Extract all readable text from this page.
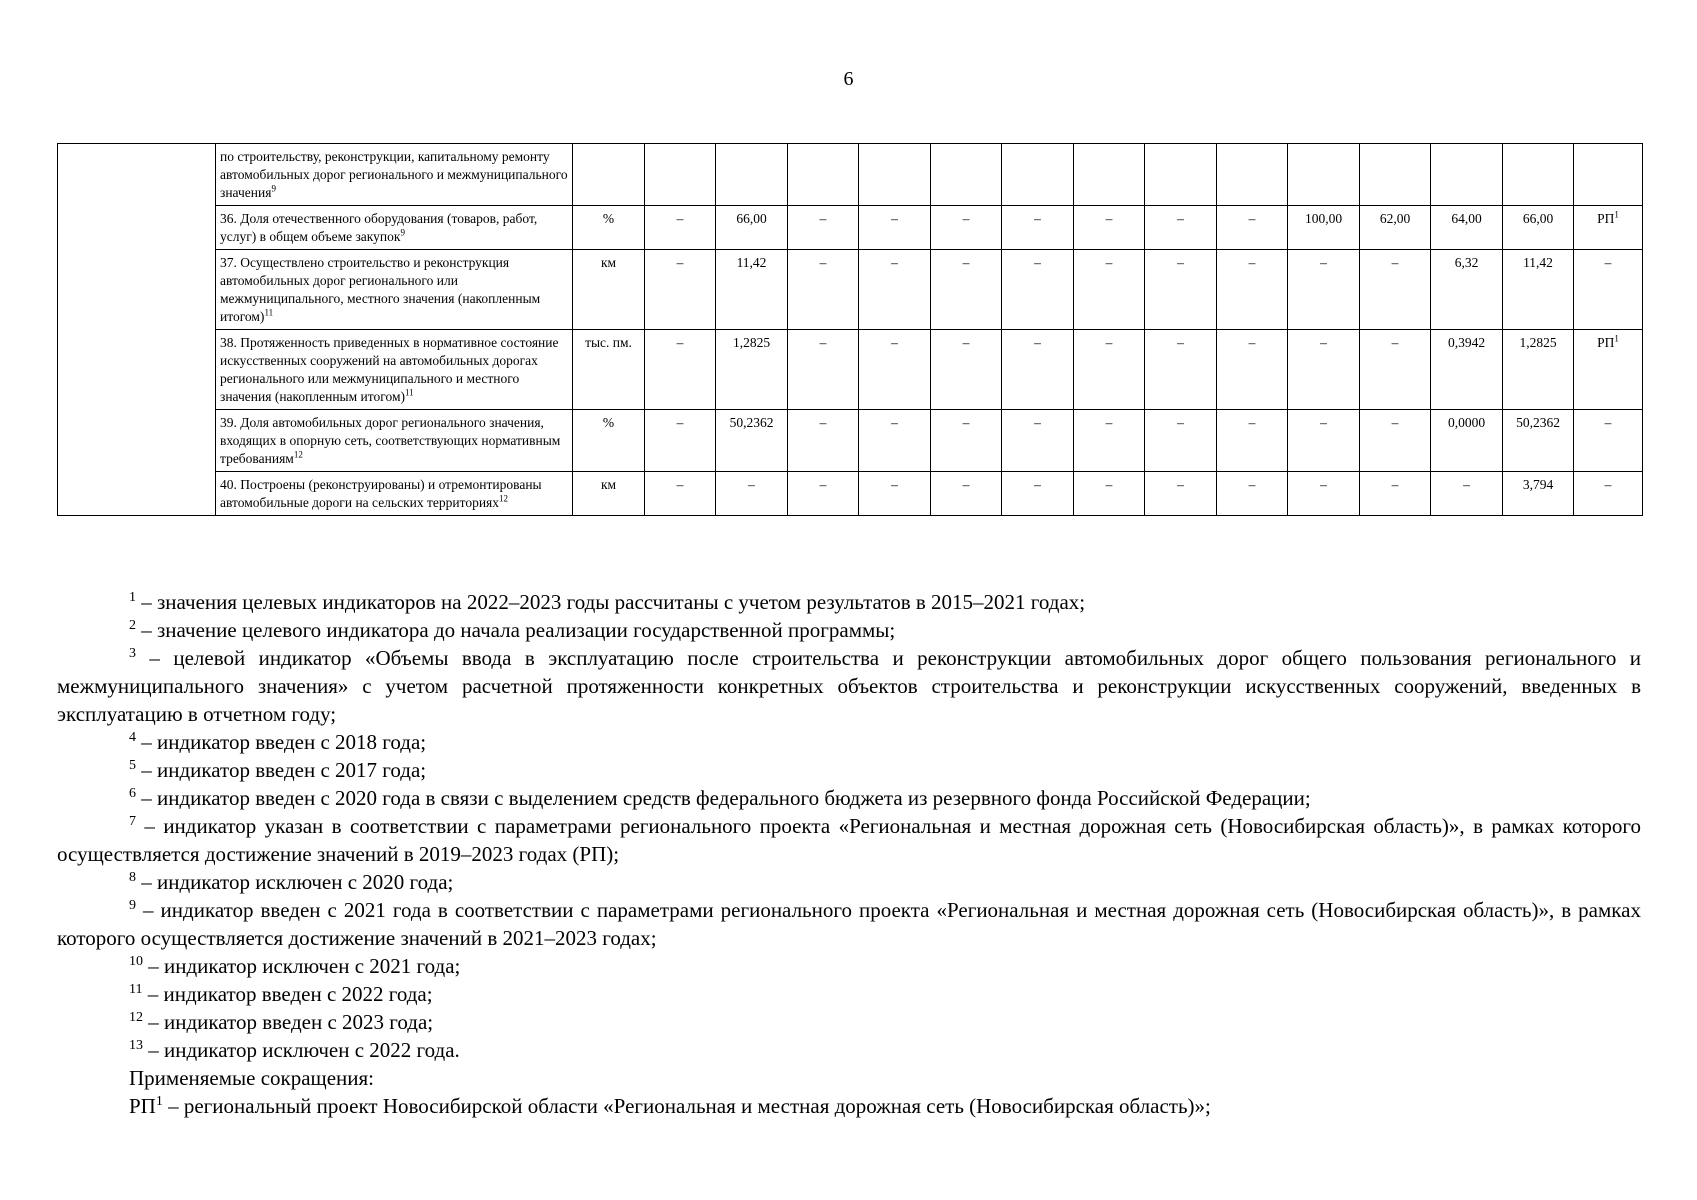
6
	по строительству, реконструкции, капитальному ремонту автомобильных дорог регионального и межмуниципального значения$^9$															
	36. Доля отечественного оборудования (товаров, работ, услуг) в общем объеме закупок$^9$	%	–	66,00	–	–	–	–	–	–	–	100,00	62,00	64,00	66,00	$РП^1$
	37. Осуществлено строительство и реконструкция автомобильных дорог регионального или межмуниципального, местного значения (накопленным итогом)$^{11}$	км	–	11,42	–	–	–	–	–	–	–	–	–	6,32	11,42	–
	38. Протяженность приведенных в нормативное состояние искусственных сооружений на автомобильных дорогах регионального или межмуниципального и местного значения (накопленным итогом)$^{11}$	тыс. пм.	–	1,2825	–	–	–	–	–	–	–	–	–	0,3942	1,2825	$РП^1$
	39. Доля автомобильных дорог регионального значения, входящих в опорную сеть, соответствующих нормативным требованиям$^{12}$	%	–	50,2362	–	–	–	–	–	–	–	–	–	0,0000	50,2362	–
	40. Построены (реконструированы) и отремонтированы автомобильные дороги на сельских территориях$^{12}$	км	–	–	–	–	–	–	–	–	–	–	–	–	3,794	–

$^1$ – значения целевых индикаторов на 2022–2023 годы рассчитаны с учетом результатов в 2015–2021 годах;

$^2$ – значение целевого индикатора до начала реализации государственной программы;

$^3$ – целевой индикатор «Объемы ввода в эксплуатацию после строительства и реконструкции автомобильных дорог общего пользования регионального и межмуниципального значения» с учетом расчетной протяженности конкретных объектов строительства и реконструкции искусственных сооружений, введенных в эксплуатацию в отчетном году;

$^4$ – индикатор введен с 2018 года;

$^5$ – индикатор введен с 2017 года;

$^6$ – индикатор введен с 2020 года в связи с выделением средств федерального бюджета из резервного фонда Российской Федерации;

$^7$ – индикатор указан в соответствии с параметрами регионального проекта «Региональная и местная дорожная сеть (Новосибирская область)», в рамках которого осуществляется достижение значений в 2019–2023 годах (РП);

$^8$ – индикатор исключен с 2020 года;

$^9$ – индикатор введен с 2021 года в соответствии с параметрами регионального проекта «Региональная и местная дорожная сеть (Новосибирская область)», в рамках которого осуществляется достижение значений в 2021–2023 годах;

$^{10}$ – индикатор исключен с 2021 года;

$^{11}$ – индикатор введен с 2022 года;

$^{12}$ – индикатор введен с 2023 года;

$^{13}$ – индикатор исключен с 2022 года.

Применяемые сокращения:

$РП^1$ – региональный проект Новосибирской области «Региональная и местная дорожная сеть (Новосибирская область)»;
